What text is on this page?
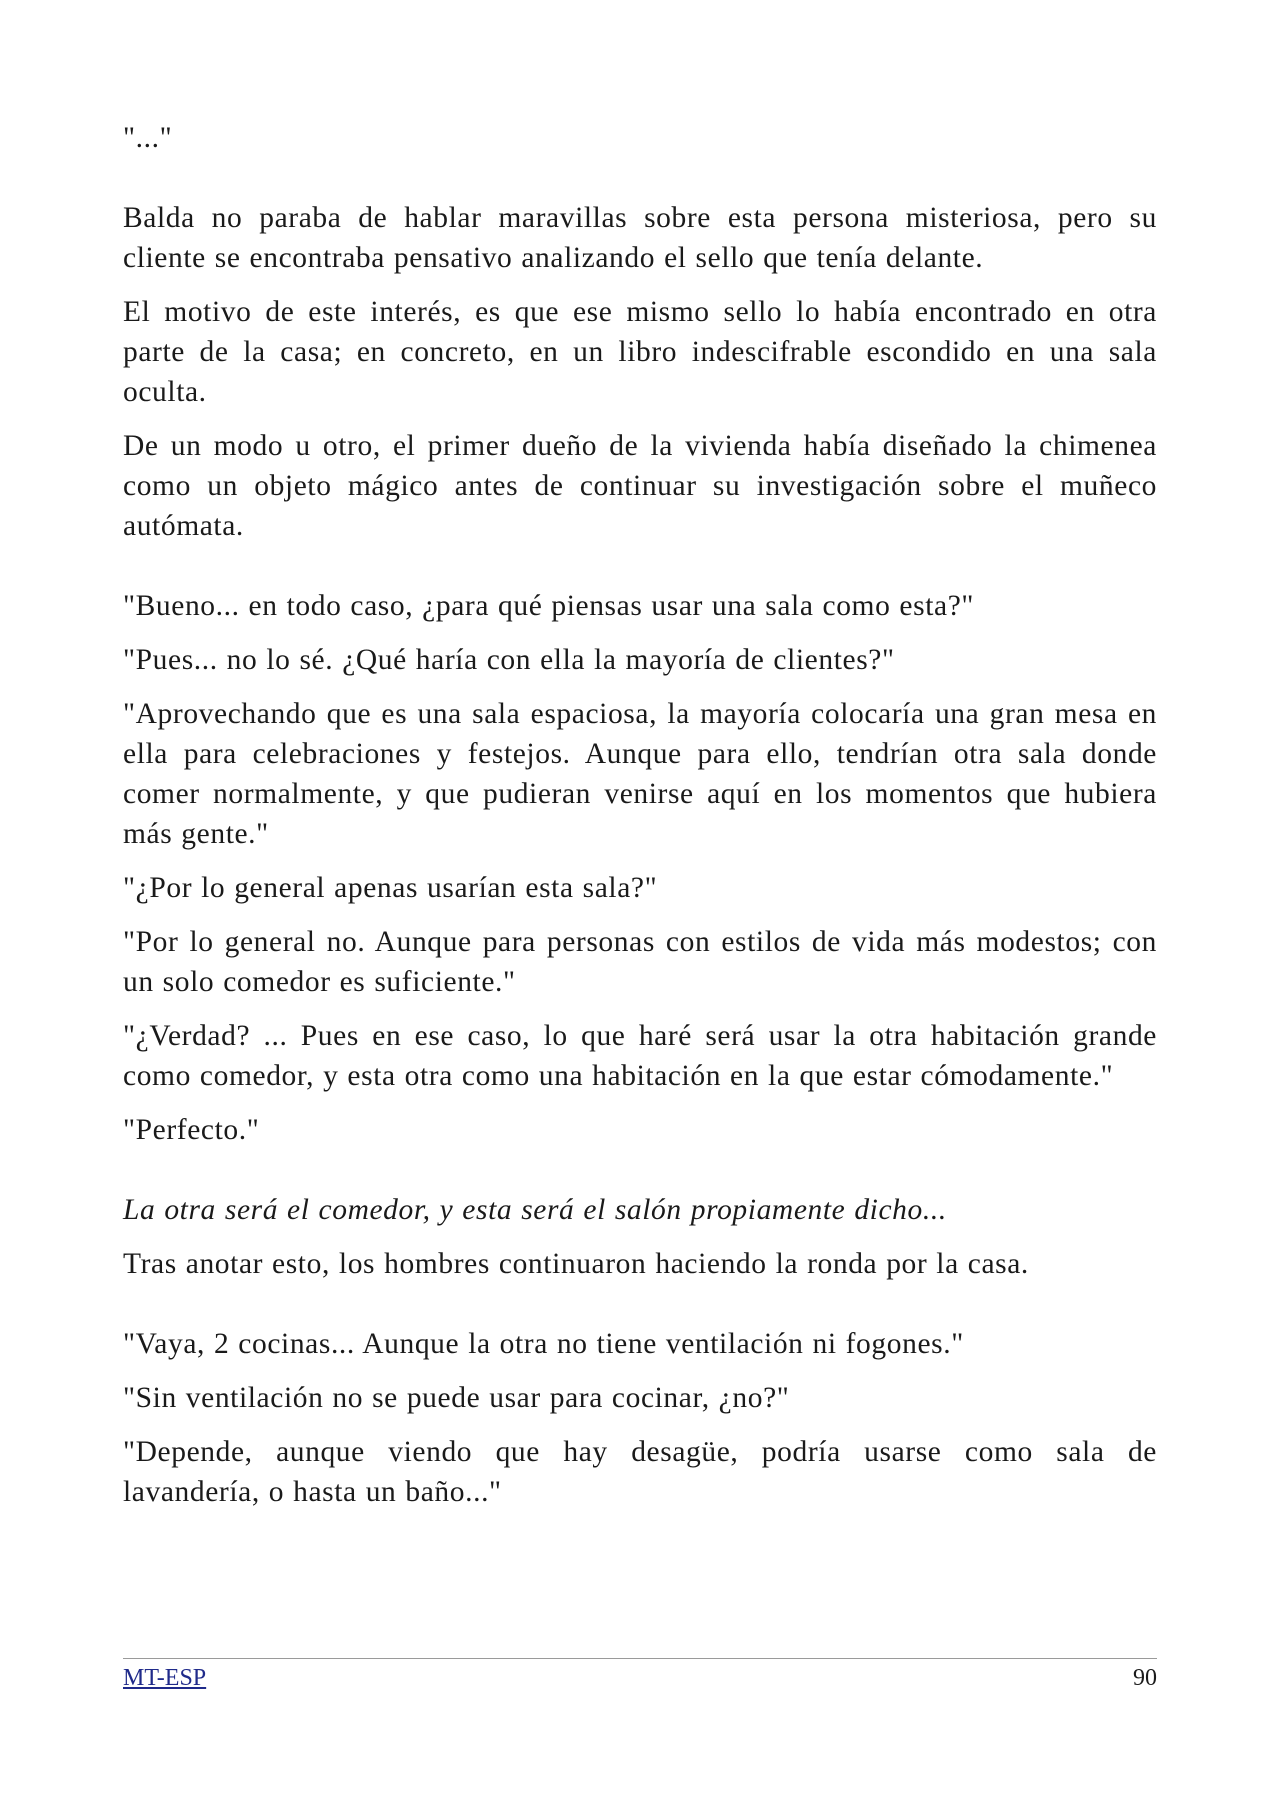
"..."

Balda no paraba de hablar maravillas sobre esta persona misteriosa, pero su cliente se encontraba pensativo analizando el sello que tenía delante.

El motivo de este interés, es que ese mismo sello lo había encontrado en otra parte de la casa; en concreto, en un libro indescifrable escondido en una sala oculta.

De un modo u otro, el primer dueño de la vivienda había diseñado la chimenea como un objeto mágico antes de continuar su investigación sobre el muñeco autómata.

"Bueno... en todo caso, ¿para qué piensas usar una sala como esta?"

"Pues... no lo sé. ¿Qué haría con ella la mayoría de clientes?"

"Aprovechando que es una sala espaciosa, la mayoría colocaría una gran mesa en ella para celebraciones y festejos. Aunque para ello, tendrían otra sala donde comer normalmente, y que pudieran venirse aquí en los momentos que hubiera más gente."

"¿Por lo general apenas usarían esta sala?"

"Por lo general no. Aunque para personas con estilos de vida más modestos; con un solo comedor es suficiente."

"¿Verdad? ... Pues en ese caso, lo que haré será usar la otra habitación grande como comedor, y esta otra como una habitación en la que estar cómodamente."

"Perfecto."

La otra será el comedor, y esta será el salón propiamente dicho...

Tras anotar esto, los hombres continuaron haciendo la ronda por la casa.

"Vaya, 2 cocinas... Aunque la otra no tiene ventilación ni fogones."

"Sin ventilación no se puede usar para cocinar, ¿no?"

"Depende, aunque viendo que hay desagüe, podría usarse como sala de lavandería, o hasta un baño..."

MT-ESP	90
